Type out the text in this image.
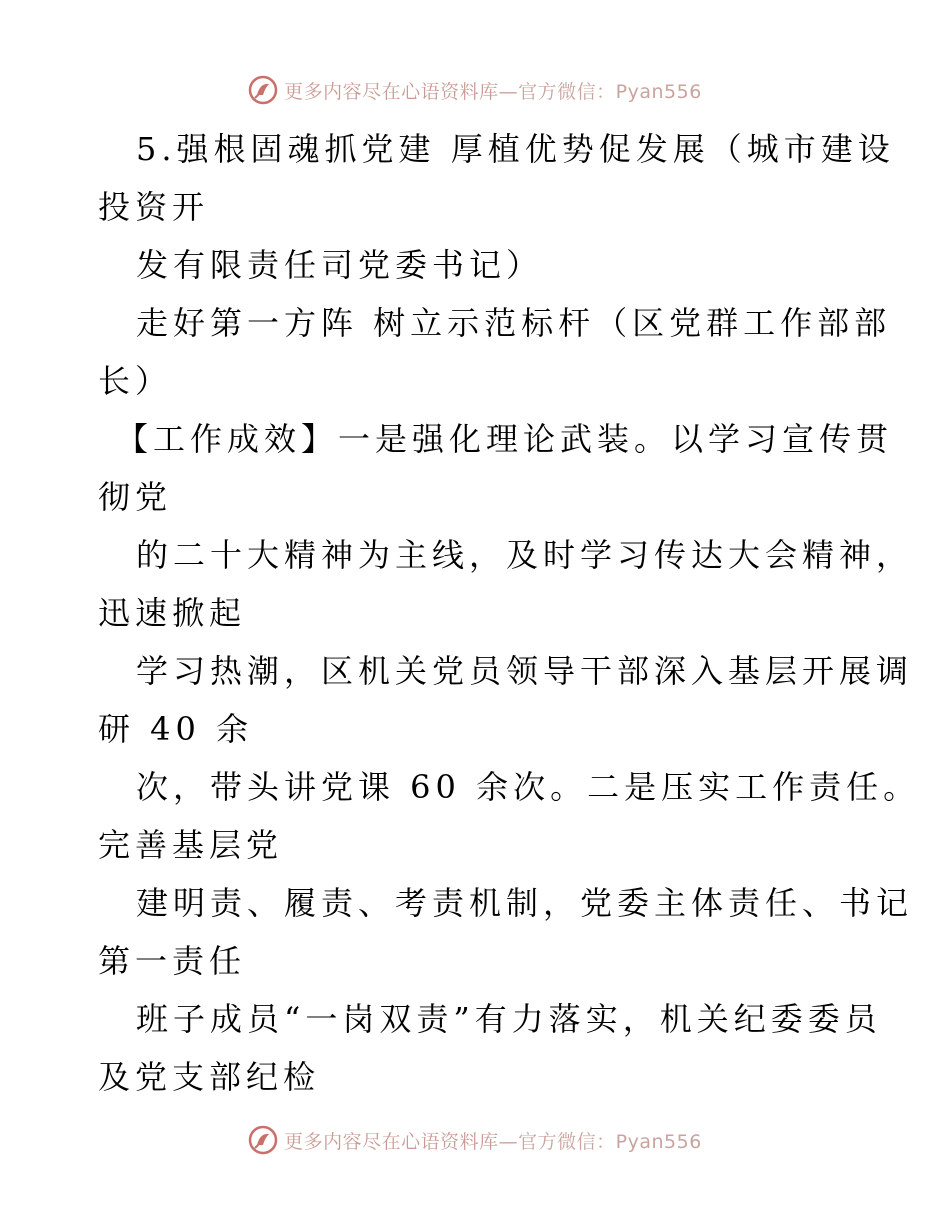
更多内容尽在心语资料库—官方微信：Pyan556
5.强根固魂抓党建 厚植优势促发展（城市建设
投资开
发有限责任司党委书记）
走好第一方阵 树立示范标杆（区党群工作部部
长）
【工作成效】一是强化理论武装。以学习宣传贯
彻党
的二十大精神为主线，及时学习传达大会精神，
迅速掀起
学习热潮，区机关党员领导干部深入基层开展调
研 40 余
次，带头讲党课 60 余次。二是压实工作责任。
完善基层党
建明责、履责、考责机制，党委主体责任、书记
第一责任
班子成员“一岗双责”有力落实，机关纪委委员
及党支部纪检
更多内容尽在心语资料库—官方微信：Pyan556
